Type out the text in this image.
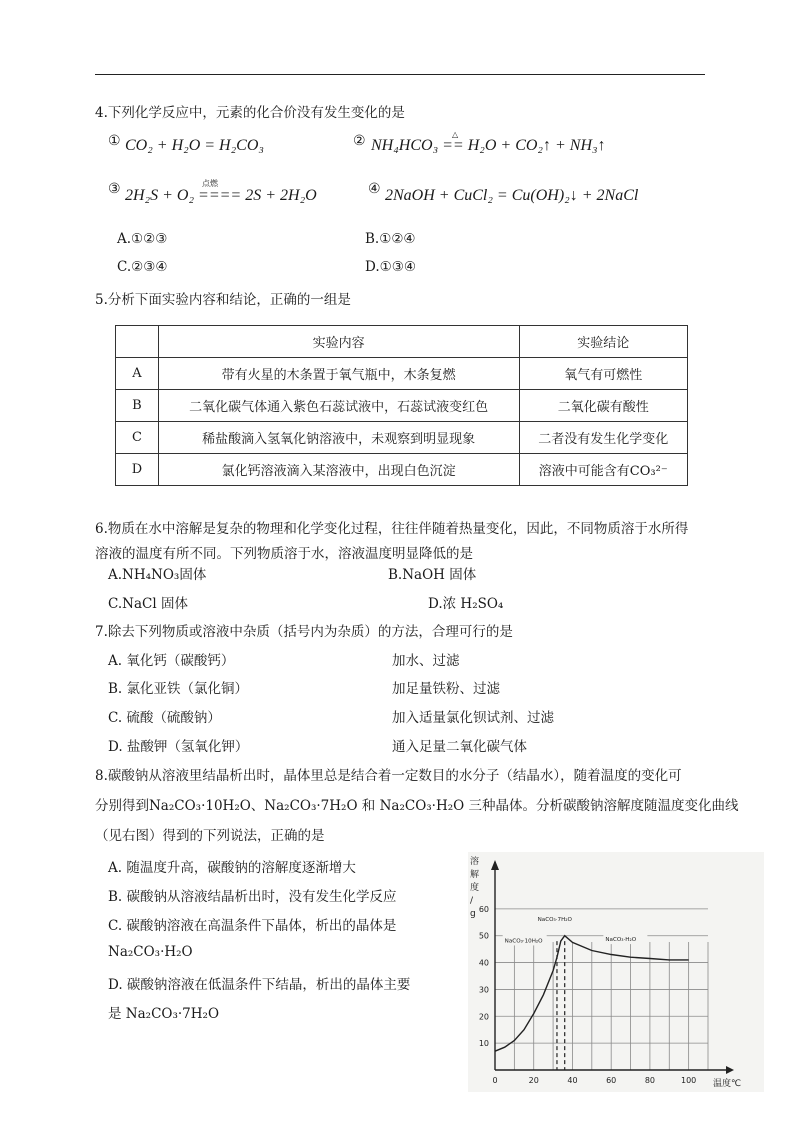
4.下列化学反应中，元素的化合价没有发生变化的是
① CO₂ + H₂O = H₂CO₃	② NH₄HCO₃ == H₂O + CO₂↑ + NH₃↑
△
③ 2H₂S + O₂ ==== 2S + 2H₂O
点燃	④ 2NaOH + CuCl₂ = Cu(OH)₂↓ + 2NaCl
A.①②③	B.①②④
C.②③④	D.①③④
5.分析下面实验内容和结论，正确的一组是
	实验内容	实验结论
A	带有火星的木条置于氧气瓶中，木条复燃	氧气有可燃性
B	二氧化碳气体通入紫色石蕊试液中，石蕊试液变红色	二氧化碳有酸性
C	稀盐酸滴入氢氧化钠溶液中，未观察到明显现象	二者没有发生化学变化
D	氯化钙溶液滴入某溶液中，出现白色沉淀	溶液中可能含有CO₃²⁻
6.物质在水中溶解是复杂的物理和化学变化过程，往往伴随着热量变化，因此，不同物质溶于水所得
溶液的温度有所不同。下列物质溶于水，溶液温度明显降低的是
A.NH₄NO₃固体	B.NaOH 固体
C.NaCl 固体	D.浓 H₂SO₄
7.除去下列物质或溶液中杂质（括号内为杂质）的方法，合理可行的是
A. 氧化钙（碳酸钙）	加水、过滤
B. 氯化亚铁（氯化铜）	加足量铁粉、过滤
C. 硫酸（硫酸钠）	加入适量氯化钡试剂、过滤
D. 盐酸钾（氢氧化钾）	通入足量二氧化碳气体
8.碳酸钠从溶液里结晶析出时，晶体里总是结合着一定数目的水分子（结晶水），随着温度的变化可
分别得到Na₂CO₃·10H₂O、Na₂CO₃·7H₂O 和 Na₂CO₃·H₂O 三种晶体。分析碳酸钠溶解度随温度变化曲线
（见右图）得到的下列说法，正确的是
A. 随温度升高，碳酸钠的溶解度逐渐增大
B. 碳酸钠从溶液结晶析出时，没有发生化学反应
C. 碳酸钠溶液在高温条件下晶体，析出的晶体是
Na₂CO₃·H₂O
D. 碳酸钠溶液在低温条件下结晶，析出的晶体主要
是 Na₂CO₃·7H₂O
0	20	40	60	80	100
10
20
30
40
50
60
温度℃
溶解度/ g
NaCO₃·10H₂O
NaCO₃·7H₂O
NaCO₃·H₂O
